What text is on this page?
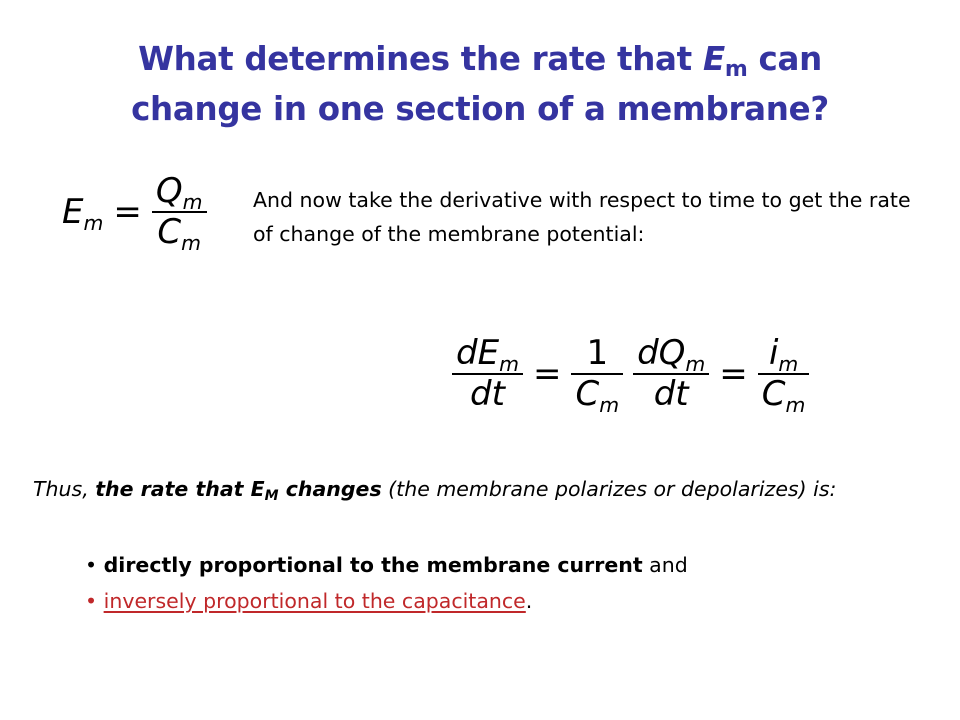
What determines the rate that $E_m$ can
change in one section of a membrane?
$E_m = \frac{Q_m}{C_m}$ And now take the derivative with respect to time to get the rate of change of the membrane potential:
$\frac{dE_m}{dt} = \frac{1}{C_m} \frac{dQ_m}{dt} = \frac{i_m}{C_m}$
Thus, the rate that $E_M$ changes (the membrane polarizes or depolarizes) is:
• directly proportional to the membrane current and
• inversely proportional to the capacitance.
